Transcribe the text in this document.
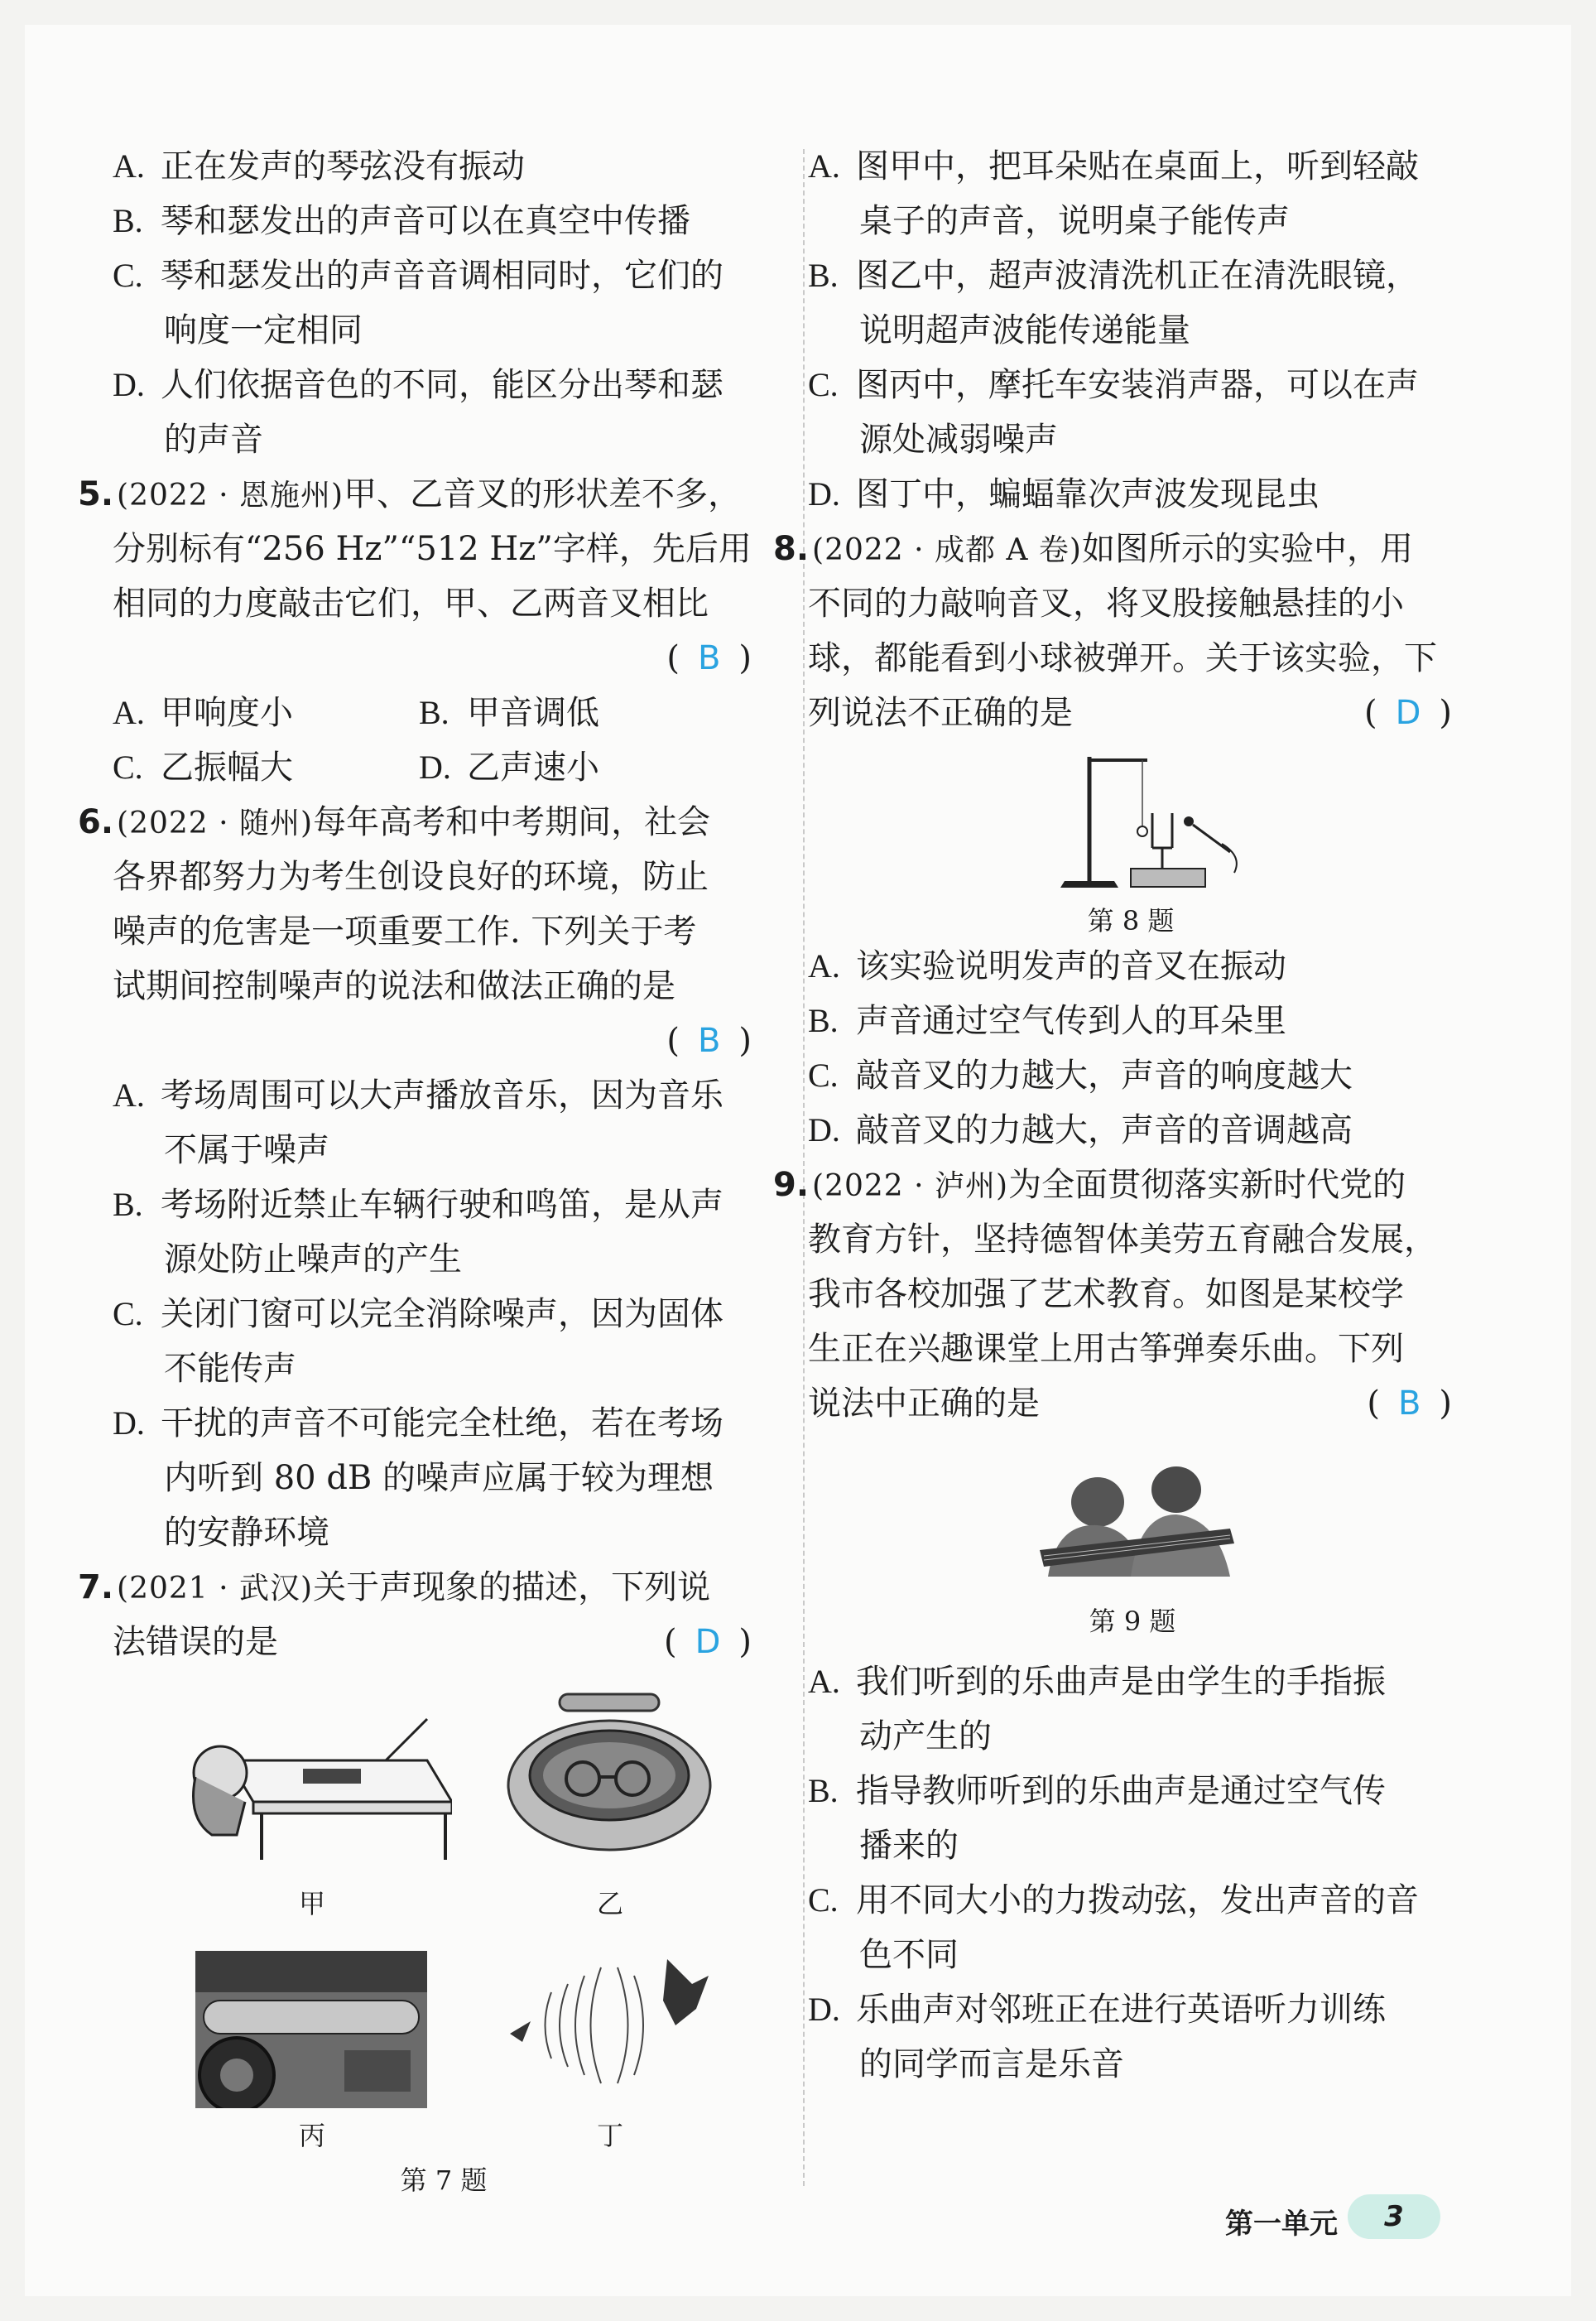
A. 正在发声的琴弦没有振动
B. 琴和瑟发出的声音可以在真空中传播
C. 琴和瑟发出的声音音调相同时，它们的
响度一定相同
D. 人们依据音色的不同，能区分出琴和瑟
的声音
5. (2022 · 恩施州)甲、乙音叉的形状差不多，
分别标有“256 Hz”“512 Hz”字样，先后用
相同的力度敲击它们，甲、乙两音叉相比
( B )
A. 甲响度小	B. 甲音调低
C. 乙振幅大	D. 乙声速小
6. (2022 · 随州)每年高考和中考期间，社会
各界都努力为考生创设良好的环境，防止
噪声的危害是一项重要工作. 下列关于考
试期间控制噪声的说法和做法正确的是
( B )
A. 考场周围可以大声播放音乐，因为音乐
不属于噪声
B. 考场附近禁止车辆行驶和鸣笛，是从声
源处防止噪声的产生
C. 关闭门窗可以完全消除噪声，因为固体
不能传声
D. 干扰的声音不可能完全杜绝，若在考场
内听到 80 dB 的噪声应属于较为理想
的安静环境
7. (2021 · 武汉)关于声现象的描述，下列说
法错误的是	( D )
甲	乙
丙	丁
第 7 题
A. 图甲中，把耳朵贴在桌面上，听到轻敲
桌子的声音，说明桌子能传声
B. 图乙中，超声波清洗机正在清洗眼镜，
说明超声波能传递能量
C. 图丙中，摩托车安装消声器，可以在声
源处减弱噪声
D. 图丁中，蝙蝠靠次声波发现昆虫
8. (2022 · 成都 A 卷)如图所示的实验中，用
不同的力敲响音叉，将叉股接触悬挂的小
球，都能看到小球被弹开。关于该实验，下
列说法不正确的是	( D )
第 8 题
A. 该实验说明发声的音叉在振动
B. 声音通过空气传到人的耳朵里
C. 敲音叉的力越大，声音的响度越大
D. 敲音叉的力越大，声音的音调越高
9. (2022 · 泸州)为全面贯彻落实新时代党的
教育方针，坚持德智体美劳五育融合发展，
我市各校加强了艺术教育。如图是某校学
生正在兴趣课堂上用古筝弹奏乐曲。下列
说法中正确的是	( B )
第 9 题
A. 我们听到的乐曲声是由学生的手指振
动产生的
B. 指导教师听到的乐曲声是通过空气传
播来的
C. 用不同大小的力拨动弦，发出声音的音
色不同
D. 乐曲声对邻班正在进行英语听力训练
的同学而言是乐音
第一单元	3
